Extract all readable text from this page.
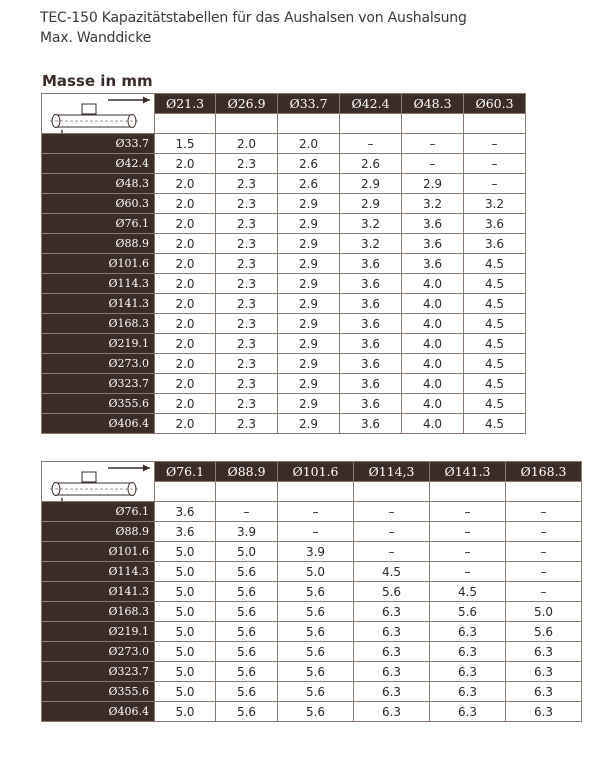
TEC-150 Kapazitätstabellen für das Aushalsen von Aushalsung
Max. Wanddicke
Masse in mm
	Ø21.3	Ø26.9	Ø33.7	Ø42.4	Ø48.3	Ø60.3

Ø33.7	1.5	2.0	2.0	–	–	–
Ø42.4	2.0	2.3	2.6	2.6	–	–
Ø48.3	2.0	2.3	2.6	2.9	2.9	–
Ø60.3	2.0	2.3	2.9	2.9	3.2	3.2
Ø76.1	2.0	2.3	2.9	3.2	3.6	3.6
Ø88.9	2.0	2.3	2.9	3.2	3.6	3.6
Ø101.6	2.0	2.3	2.9	3.6	3.6	4.5
Ø114.3	2.0	2.3	2.9	3.6	4.0	4.5
Ø141.3	2.0	2.3	2.9	3.6	4.0	4.5
Ø168.3	2.0	2.3	2.9	3.6	4.0	4.5
Ø219.1	2.0	2.3	2.9	3.6	4.0	4.5
Ø273.0	2.0	2.3	2.9	3.6	4.0	4.5
Ø323.7	2.0	2.3	2.9	3.6	4.0	4.5
Ø355.6	2.0	2.3	2.9	3.6	4.0	4.5
Ø406.4	2.0	2.3	2.9	3.6	4.0	4.5
	Ø76.1	Ø88.9	Ø101.6	Ø114,3	Ø141.3	Ø168.3

Ø76.1	3.6	–	–	–	–	–
Ø88.9	3.6	3.9	–	–	–	–
Ø101.6	5.0	5.0	3.9	–	–	–
Ø114.3	5.0	5.6	5.0	4.5	–	–
Ø141.3	5.0	5.6	5.6	5.6	4.5	–
Ø168.3	5.0	5.6	5.6	6.3	5.6	5.0
Ø219.1	5.0	5.6	5.6	6.3	6.3	5.6
Ø273.0	5.0	5.6	5.6	6.3	6.3	6.3
Ø323.7	5.0	5.6	5.6	6.3	6.3	6.3
Ø355.6	5.0	5.6	5.6	6.3	6.3	6.3
Ø406.4	5.0	5.6	5.6	6.3	6.3	6.3
